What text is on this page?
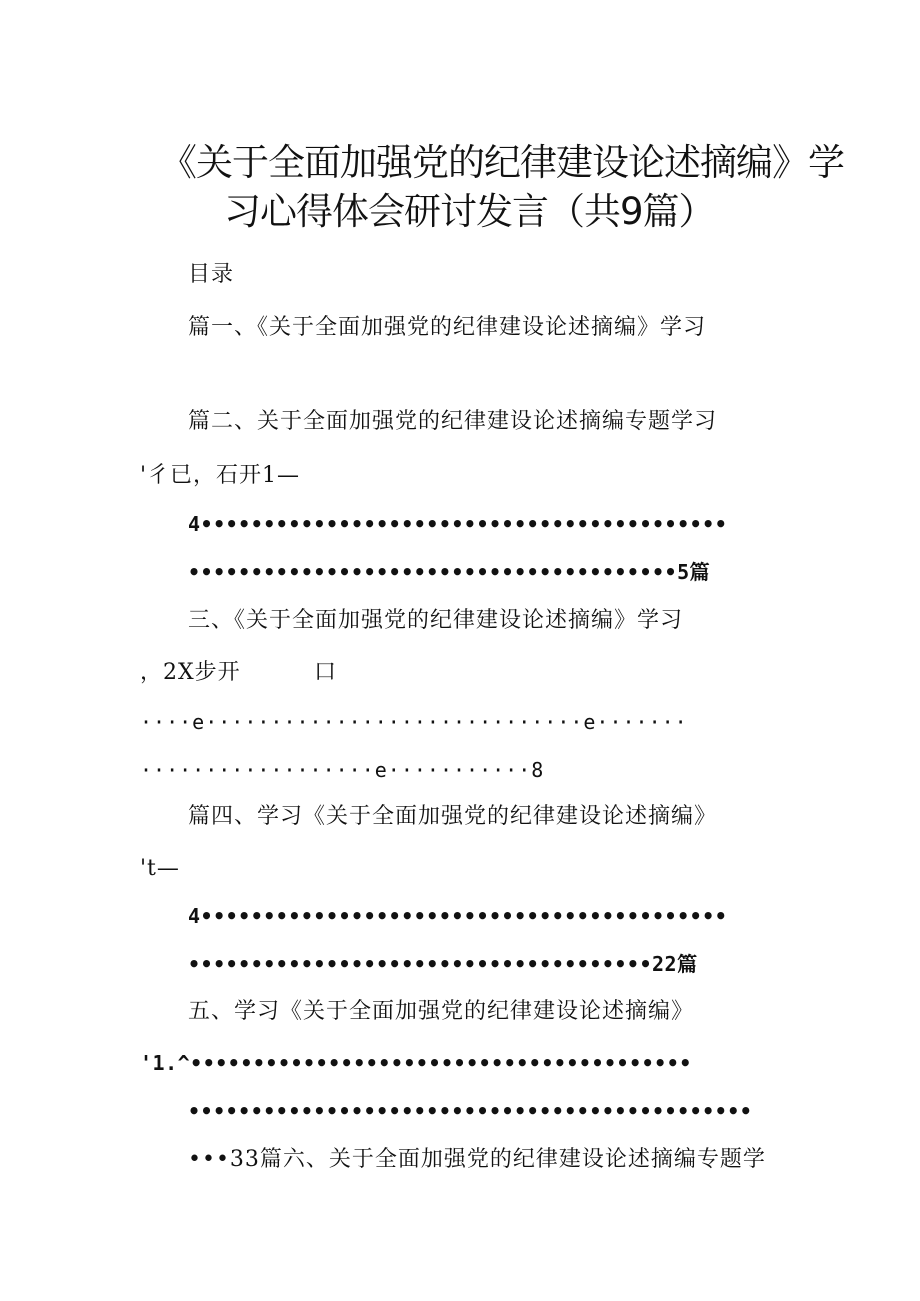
《关于全面加强党的纪律建设论述摘编》学
习心得体会研讨发言（共9篇）
目录
篇一、《关于全面加强党的纪律建设论述摘编》学习
篇二、关于全面加强党的纪律建设论述摘编专题学习
'彳已，石开1—
4••••••••••••••••••••••••••••••••••••••••••
•••••••••••••••••••••••••••••••••••••••5篇
三、《关于全面加强党的纪律建设论述摘编》学习
，2X步开	口
····e·····························e·······
··················e···········8
篇四、学习《关于全面加强党的纪律建设论述摘编》
't—
4••••••••••••••••••••••••••••••••••••••••••
•••••••••••••••••••••••••••••••••••••22篇
五、学习《关于全面加强党的纪律建设论述摘编》
'1.^••••••••••••••••••••••••••••••••••••••••
•••••••••••••••••••••••••••••••••••••••••••••
•••33篇六、关于全面加强党的纪律建设论述摘编专题学
